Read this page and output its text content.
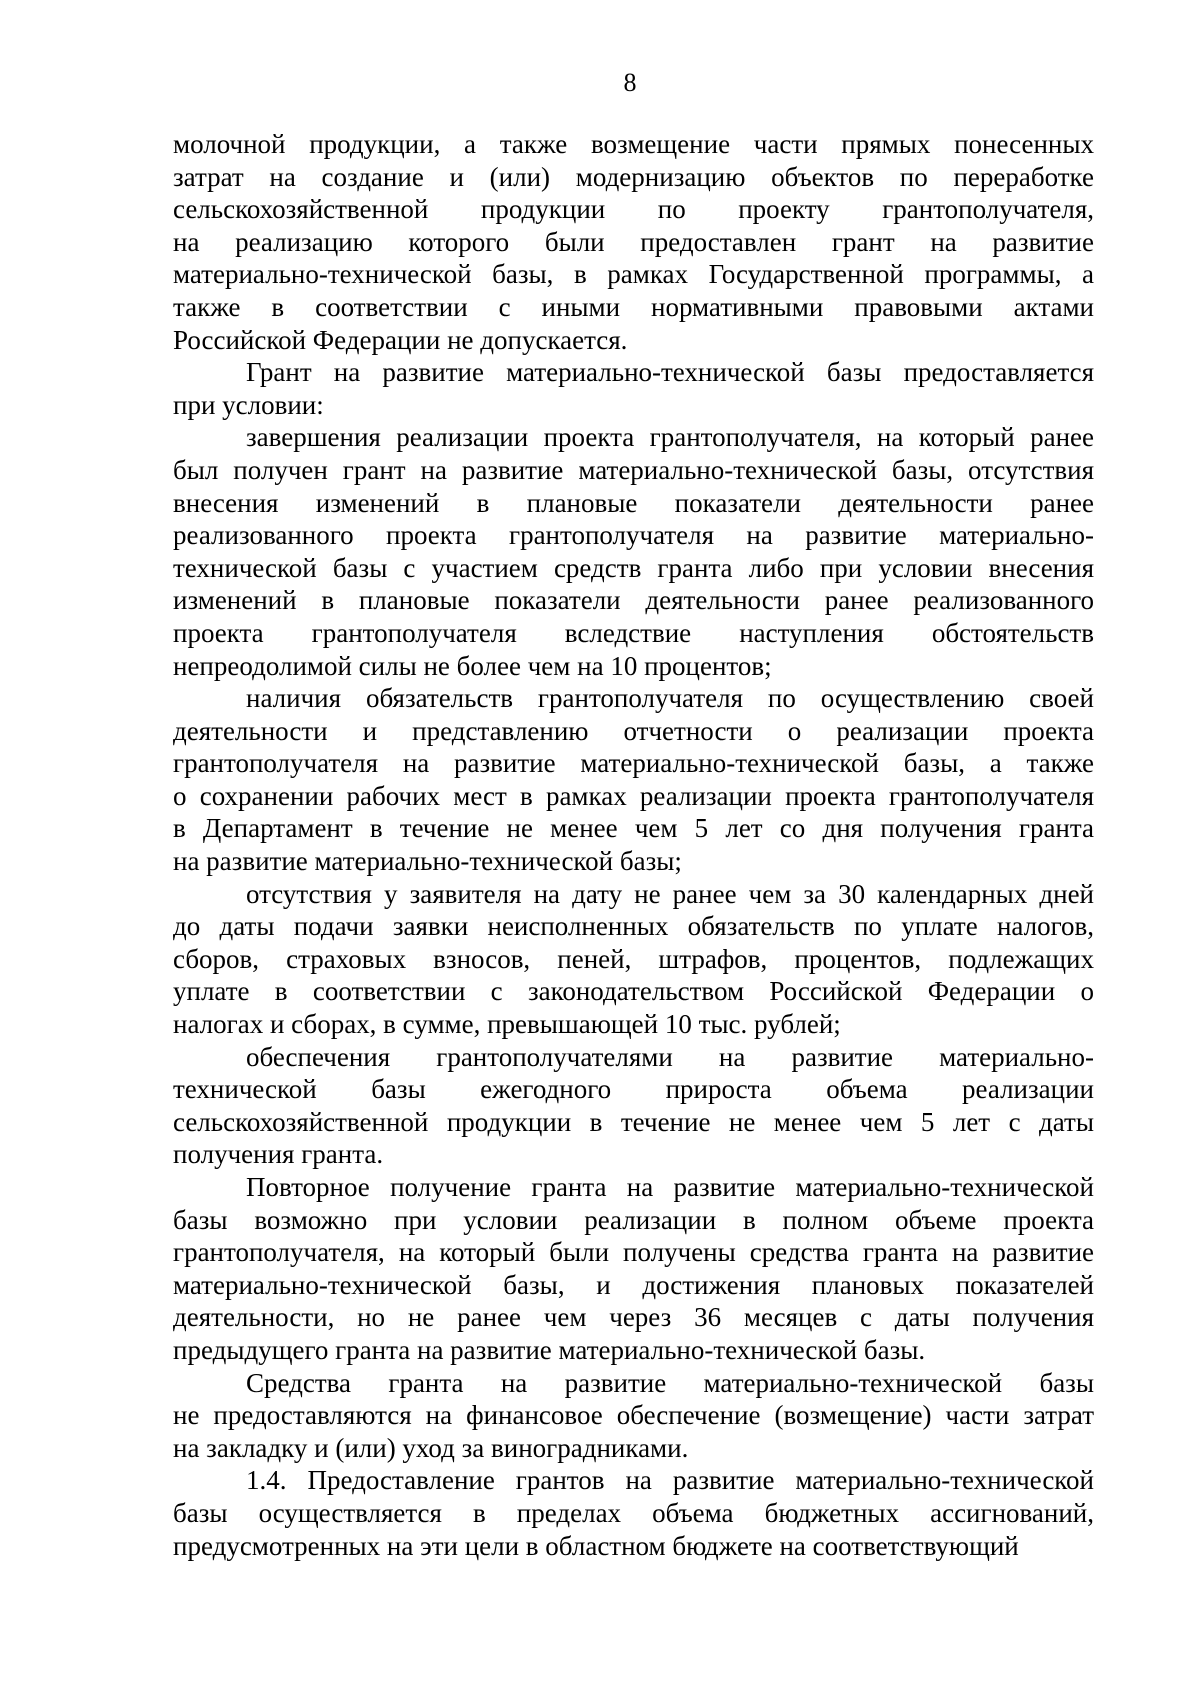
8
молочной продукции, а также возмещение части прямых понесенных
затрат на создание и (или) модернизацию объектов по переработке
сельскохозяйственной продукции по проекту грантополучателя,
на реализацию которого были предоставлен грант на развитие
материально-технической базы, в рамках Государственной программы, а
также в соответствии с иными нормативными правовыми актами
Российской Федерации не допускается.
Грант на развитие материально-технической базы предоставляется
при условии:
завершения реализации проекта грантополучателя, на который ранее
был получен грант на развитие материально-технической базы, отсутствия
внесения изменений в плановые показатели деятельности ранее
реализованного проекта грантополучателя на развитие материально-
технической базы с участием средств гранта либо при условии внесения
изменений в плановые показатели деятельности ранее реализованного
проекта грантополучателя вследствие наступления обстоятельств
непреодолимой силы не более чем на 10 процентов;
наличия обязательств грантополучателя по осуществлению своей
деятельности и представлению отчетности о реализации проекта
грантополучателя на развитие материально-технической базы, а также
о сохранении рабочих мест в рамках реализации проекта грантополучателя
в Департамент в течение не менее чем 5 лет со дня получения гранта
на развитие материально-технической базы;
отсутствия у заявителя на дату не ранее чем за 30 календарных дней
до даты подачи заявки неисполненных обязательств по уплате налогов,
сборов, страховых взносов, пеней, штрафов, процентов, подлежащих
уплате в соответствии с законодательством Российской Федерации о
налогах и сборах, в сумме, превышающей 10 тыс. рублей;
обеспечения грантополучателями на развитие материально-
технической базы ежегодного прироста объема реализации
сельскохозяйственной продукции в течение не менее чем 5 лет с даты
получения гранта.
Повторное получение гранта на развитие материально-технической
базы возможно при условии реализации в полном объеме проекта
грантополучателя, на который были получены средства гранта на развитие
материально-технической базы, и достижения плановых показателей
деятельности, но не ранее чем через 36 месяцев с даты получения
предыдущего гранта на развитие материально-технической базы.
Средства гранта на развитие материально-технической базы
не предоставляются на финансовое обеспечение (возмещение) части затрат
на закладку и (или) уход за виноградниками.
1.4. Предоставление грантов на развитие материально-технической
базы осуществляется в пределах объема бюджетных ассигнований,
предусмотренных на эти цели в областном бюджете на соответствующий
